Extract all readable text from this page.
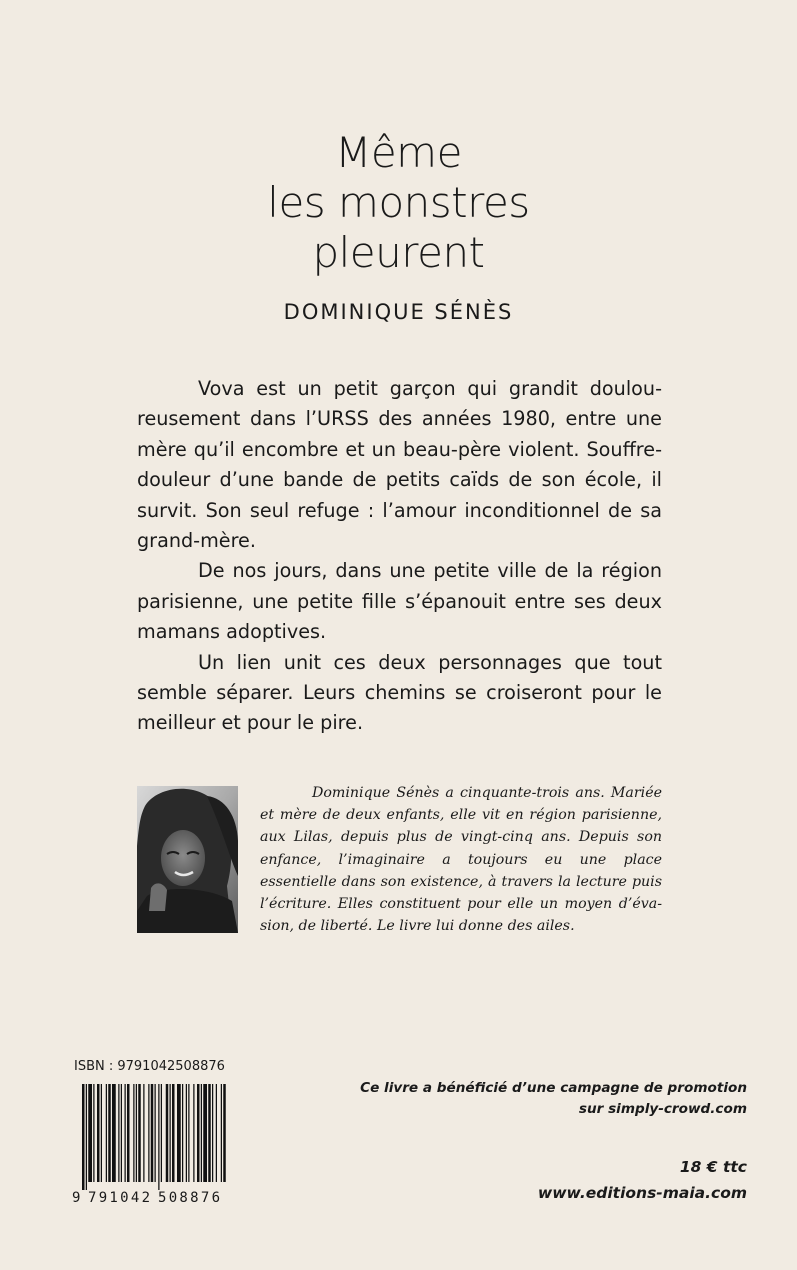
Même
les monstres
pleurent
DOMINIQUE SÉNÈS

Vova est un petit garçon qui grandit douloureusement dans l’URSS des années 1980, entre une mère qu’il encombre et un beau-père violent. Souffre-douleur d’une bande de petits caïds de son école, il survit. Son seul refuge : l’amour inconditionnel de sa grand-mère.

De nos jours, dans une petite ville de la région parisienne, une petite fille s’épanouit entre ses deux mamans adoptives.

Un lien unit ces deux personnages que tout semble séparer. Leurs chemins se croiseront pour le meilleur et pour le pire.

Dominique Sénès a cinquante-trois ans. Mariée et mère de deux enfants, elle vit en région parisienne, aux Lilas, depuis plus de vingt-cinq ans. Depuis son enfance, l’imaginaire a toujours eu une place essentielle dans son existence, à travers la lecture puis l’écriture. Elles constituent pour elle un moyen d’évasion, de liberté. Le livre lui donne des ailes.

ISBN : 9791042508876
9 791042 508876
Ce livre a bénéficié d’une campagne de promotion
sur simply-crowd.com
18 € ttc
www.editions-maia.com
